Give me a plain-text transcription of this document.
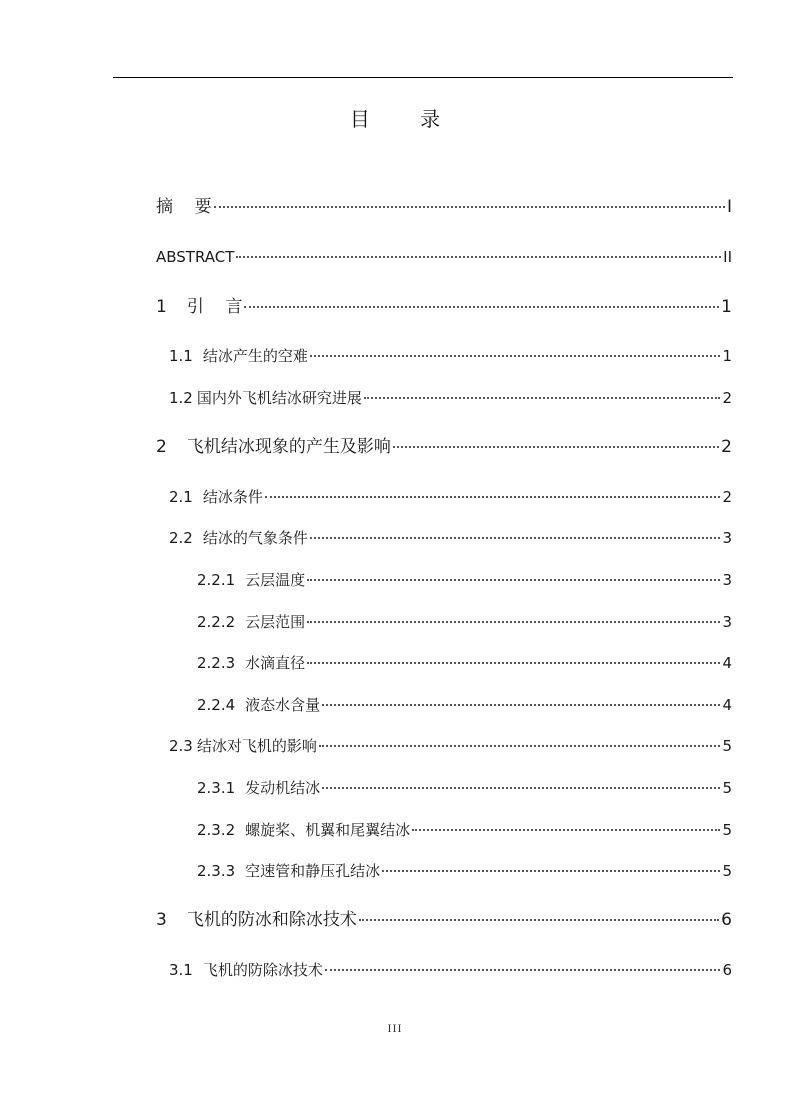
目 录
摘    要	I
ABSTRACT	II
1 引    言	1
1.1 结冰产生的空难	1
1.2 国内外飞机结冰研究进展	2
2 飞机结冰现象的产生及影响	2
2.1 结冰条件	2
2.2 结冰的气象条件	3
2.2.1 云层温度	3
2.2.2 云层范围	3
2.2.3 水滴直径	4
2.2.4 液态水含量	4
2.3 结冰对飞机的影响	5
2.3.1 发动机结冰	5
2.3.2 螺旋桨、机翼和尾翼结冰	5
2.3.3 空速管和静压孔结冰	5
3 飞机的防冰和除冰技术	6
3.1 飞机的防除冰技术	6
III
